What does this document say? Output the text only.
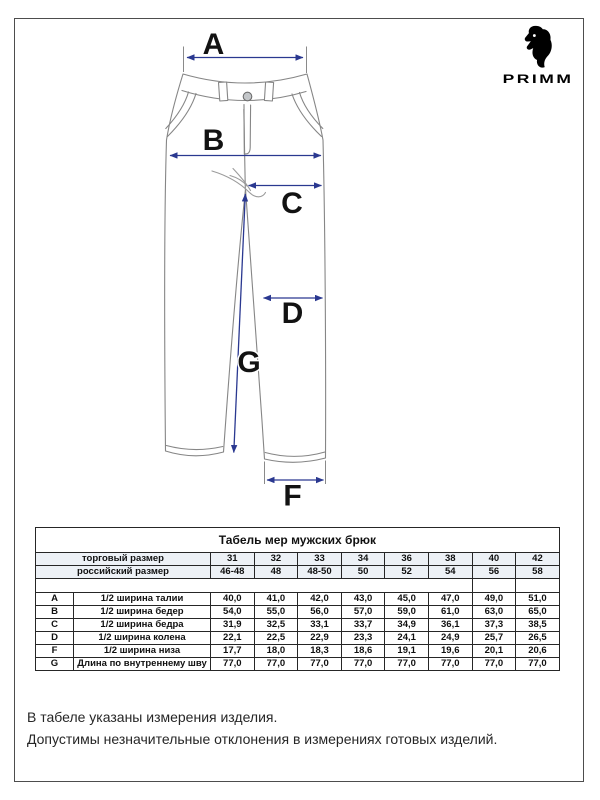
PRIMM
A
B
C
D
G
F
Табель мер мужских брюк									
торговый размер		31	32	33	34	36	38	40	42
российский размер		46-48	48	48-50	50	52	54	56	58

A	1/2 ширина талии	40,0	41,0	42,0	43,0	45,0	47,0	49,0	51,0
B	1/2 ширина бедер	54,0	55,0	56,0	57,0	59,0	61,0	63,0	65,0
C	1/2 ширина бедра	31,9	32,5	33,1	33,7	34,9	36,1	37,3	38,5
D	1/2 ширина колена	22,1	22,5	22,9	23,3	24,1	24,9	25,7	26,5
F	1/2 ширина низа	17,7	18,0	18,3	18,6	19,1	19,6	20,1	20,6
G	Длина по внутреннему шву	77,0	77,0	77,0	77,0	77,0	77,0	77,0	77,0
В табеле указаны измерения изделия.
Допустимы незначительные отклонения в измерениях готовых изделий.
